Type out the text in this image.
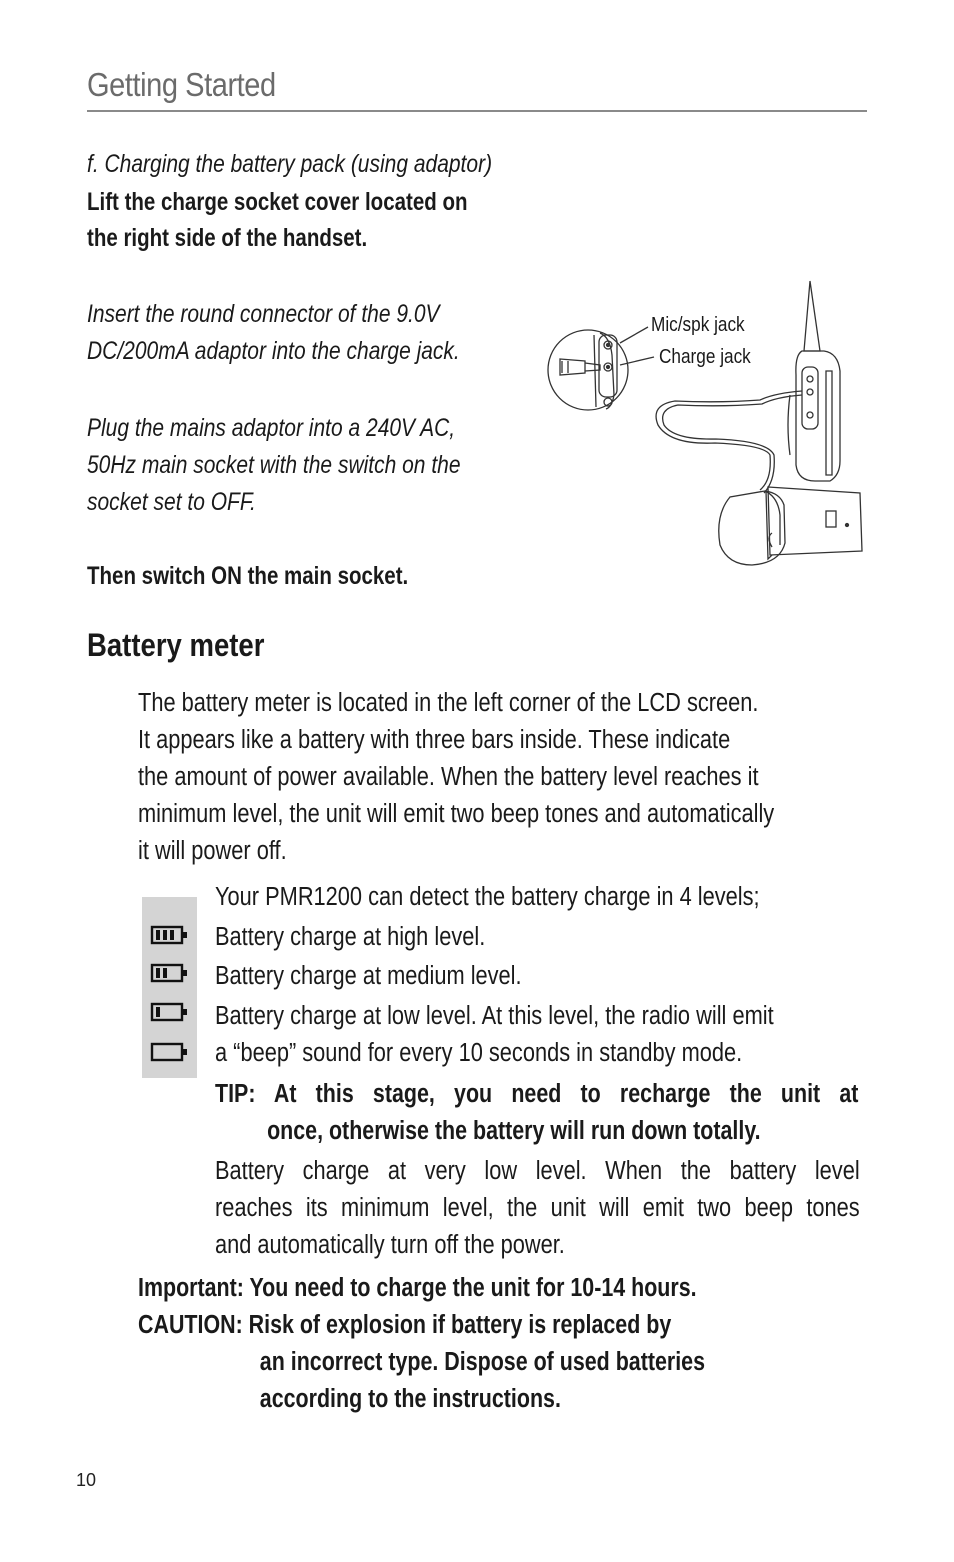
Getting Started
f. Charging the battery pack (using adaptor)
Lift the charge socket cover located on
the right side of the handset.
Insert the round connector of the 9.0V
DC/200mA adaptor into the charge jack.
Plug the mains adaptor into a 240V AC,
50Hz main socket with the switch on the
socket set to OFF.
Then switch ON the main socket.
Mic/spk jack
Charge jack
Battery meter
The battery meter is located in the left corner of the LCD screen.
It appears like a battery with three bars inside. These indicate
the amount of power available. When the battery level reaches it
minimum level, the unit will emit two beep tones and automatically
it will power off.
Your PMR1200 can detect the battery charge in 4 levels;
Battery charge at high level.
Battery charge at medium level.
Battery charge at low level. At this level, the radio will emit
a “beep” sound for every 10 seconds in standby mode.
TIP: At this stage, you need to recharge the unit at
once, otherwise the battery will run down totally.
Battery charge at very low level. When the battery level
reaches its minimum level, the unit will emit two beep tones
and automatically turn off the power.
Important: You need to charge the unit for 10-14 hours.
CAUTION: Risk of explosion if battery is replaced by
an incorrect type. Dispose of used batteries
according to the instructions.
10
